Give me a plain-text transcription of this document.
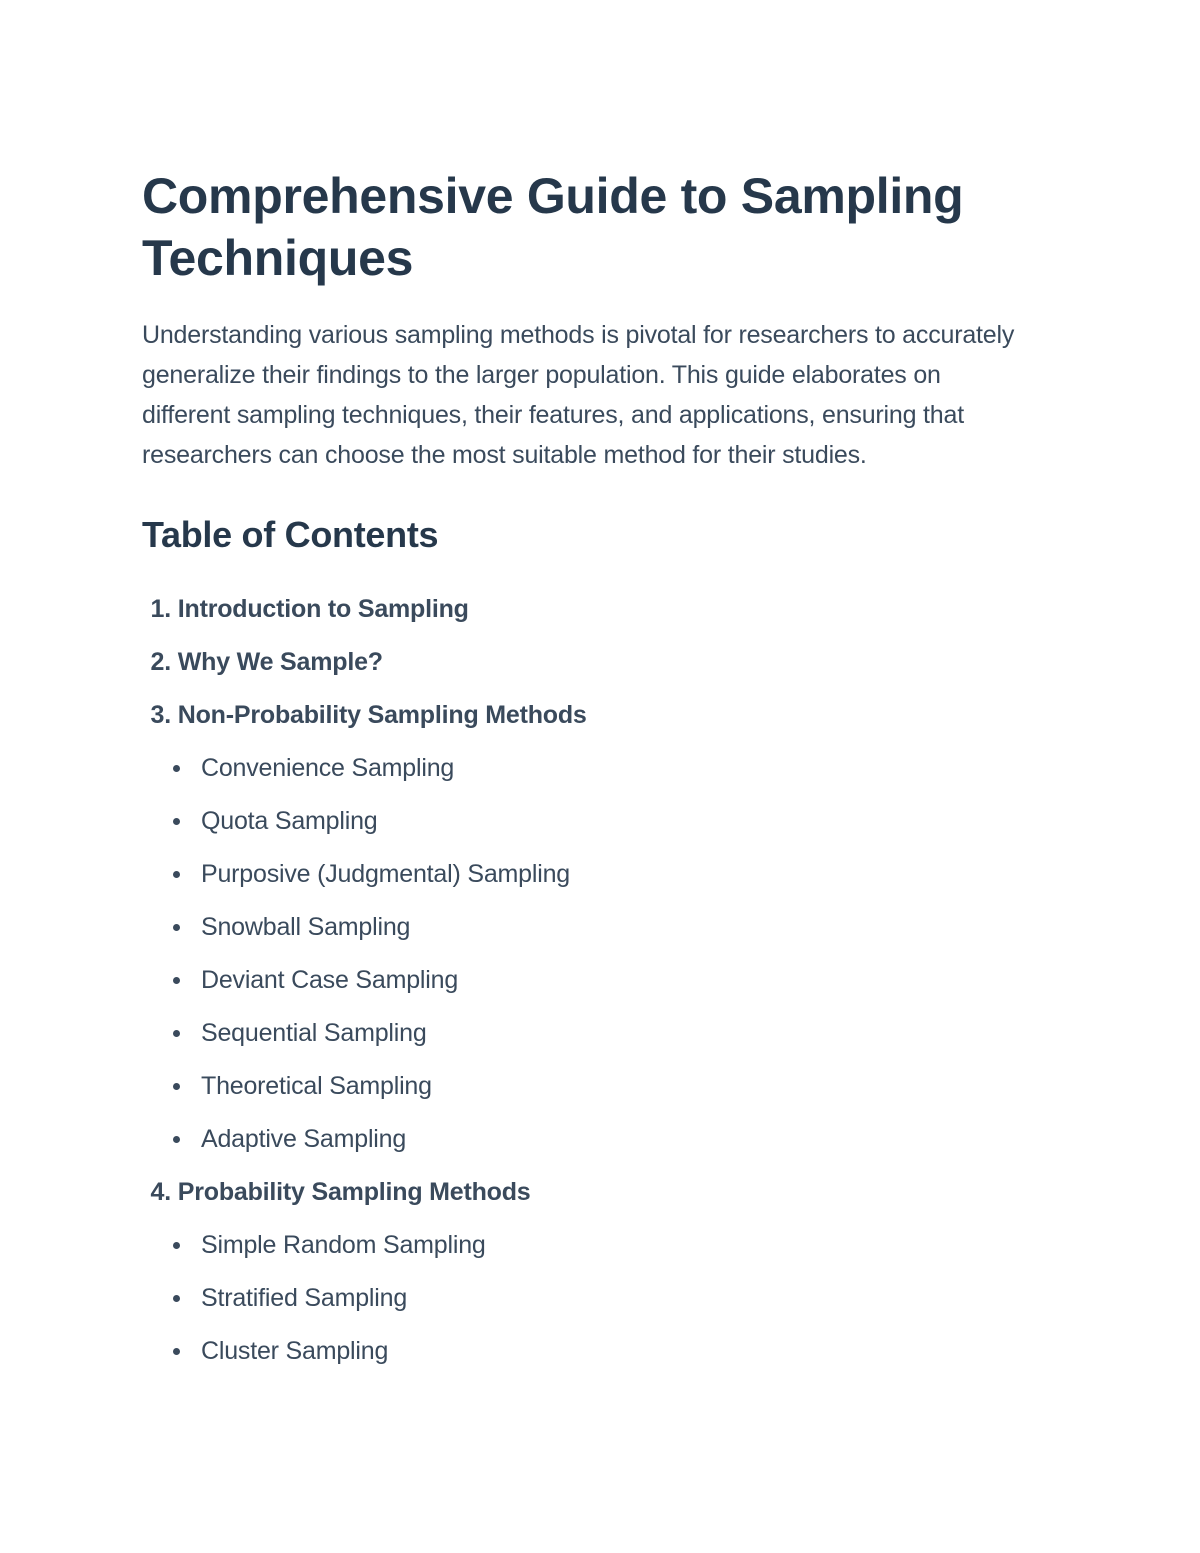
Comprehensive Guide to Sampling Techniques

Understanding various sampling methods is pivotal for researchers to accurately generalize their findings to the larger population. This guide elaborates on different sampling techniques, their features, and applications, ensuring that researchers can choose the most suitable method for their studies.

Table of Contents
1. Introduction to Sampling
2. Why We Sample?
3. Non-Probability Sampling Methods
Convenience Sampling
Quota Sampling
Purposive (Judgmental) Sampling
Snowball Sampling
Deviant Case Sampling
Sequential Sampling
Theoretical Sampling
Adaptive Sampling
4. Probability Sampling Methods
Simple Random Sampling
Stratified Sampling
Cluster Sampling
